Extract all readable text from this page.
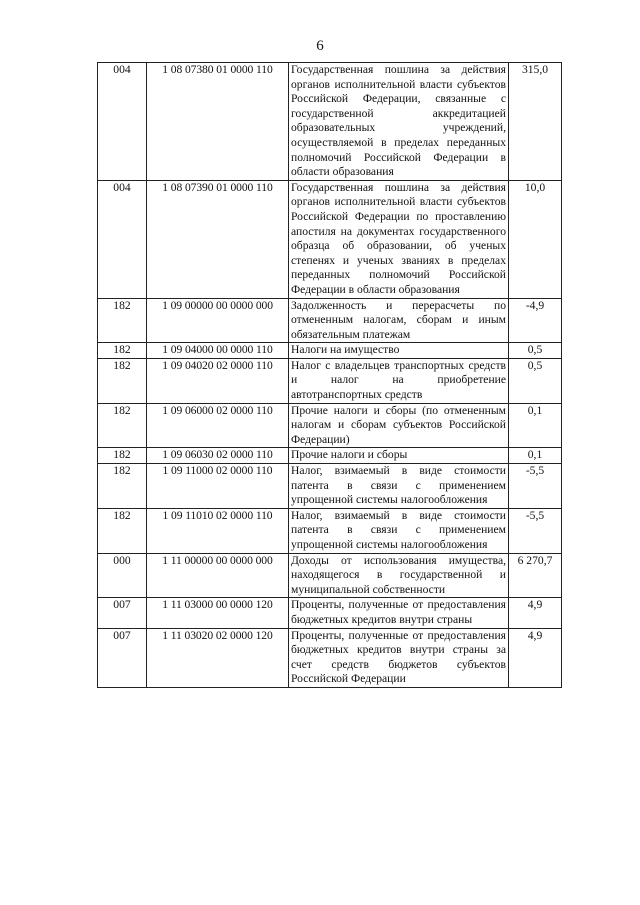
6
004	1 08 07380 01 0000 110	Государственная пошлина за действия органов исполнительной власти субъектов Российской Федерации, связанные с государственной аккредитацией образовательных учреждений, осуществляемой в пределах переданных полномочий Российской Федерации в области образования	315,0
004	1 08 07390 01 0000 110	Государственная пошлина за действия органов исполнительной власти субъектов Российской Федерации по проставлению апостиля на документах государственного образца об образовании, об ученых степенях и ученых званиях в пределах переданных полномочий Российской Федерации в области образования	10,0
182	1 09 00000 00 0000 000	Задолженность и перерасчеты по отмененным налогам, сборам и иным обязательным платежам	-4,9
182	1 09 04000 00 0000 110	Налоги на имущество	0,5
182	1 09 04020 02 0000 110	Налог с владельцев транспортных средств и налог на приобретение автотранспортных средств	0,5
182	1 09 06000 02 0000 110	Прочие налоги и сборы (по отмененным налогам и сборам субъектов Российской Федерации)	0,1
182	1 09 06030 02 0000 110	Прочие налоги и сборы	0,1
182	1 09 11000 02 0000 110	Налог, взимаемый в виде стоимости патента в связи с применением упрощенной системы налогообложения	-5,5
182	1 09 11010 02 0000 110	Налог, взимаемый в виде стоимости патента в связи с применением упрощенной системы налогообложения	-5,5
000	1 11 00000 00 0000 000	Доходы от использования имущества, находящегося в государственной и муниципальной собственности	6 270,7
007	1 11 03000 00 0000 120	Проценты, полученные от предоставления бюджетных кредитов внутри страны	4,9
007	1 11 03020 02 0000 120	Проценты, полученные от предоставления бюджетных кредитов внутри страны за счет средств бюджетов субъектов Российской Федерации	4,9
